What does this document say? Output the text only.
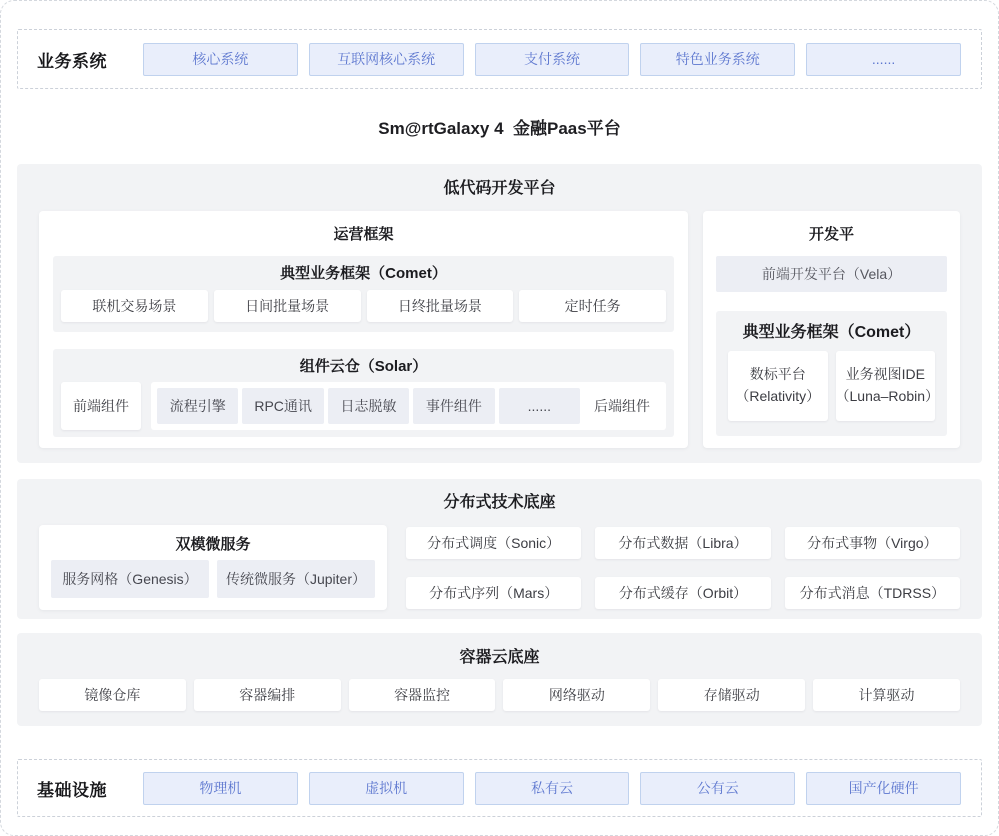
业务系统	核心系统	互联网核心系统	支付系统	特色业务系统	......
Sm@rtGalaxy 4  金融Paas平台
低代码开发平台
运营框架
典型业务框架（Comet）
联机交易场景	日间批量场景	日终批量场景	定时任务
组件云仓（Solar）
前端组件	流程引擎	RPC通讯	日志脱敏	事件组件	......	后端组件
开发平
前端开发平台（Vela）
典型业务框架（Comet）
数标平台
（Relativity）
业务视图IDE
（Luna–Robin）
分布式技术底座
双模微服务
服务网格（Genesis）	传统微服务（Jupiter）
分布式调度（Sonic）	分布式数据（Libra）	分布式事物（Virgo）
分布式序列（Mars）	分布式缓存（Orbit）	分布式消息（TDRSS）
容器云底座
镜像仓库	容器编排	容器监控	网络驱动	存储驱动	计算驱动
基础设施	物理机	虚拟机	私有云	公有云	国产化硬件
